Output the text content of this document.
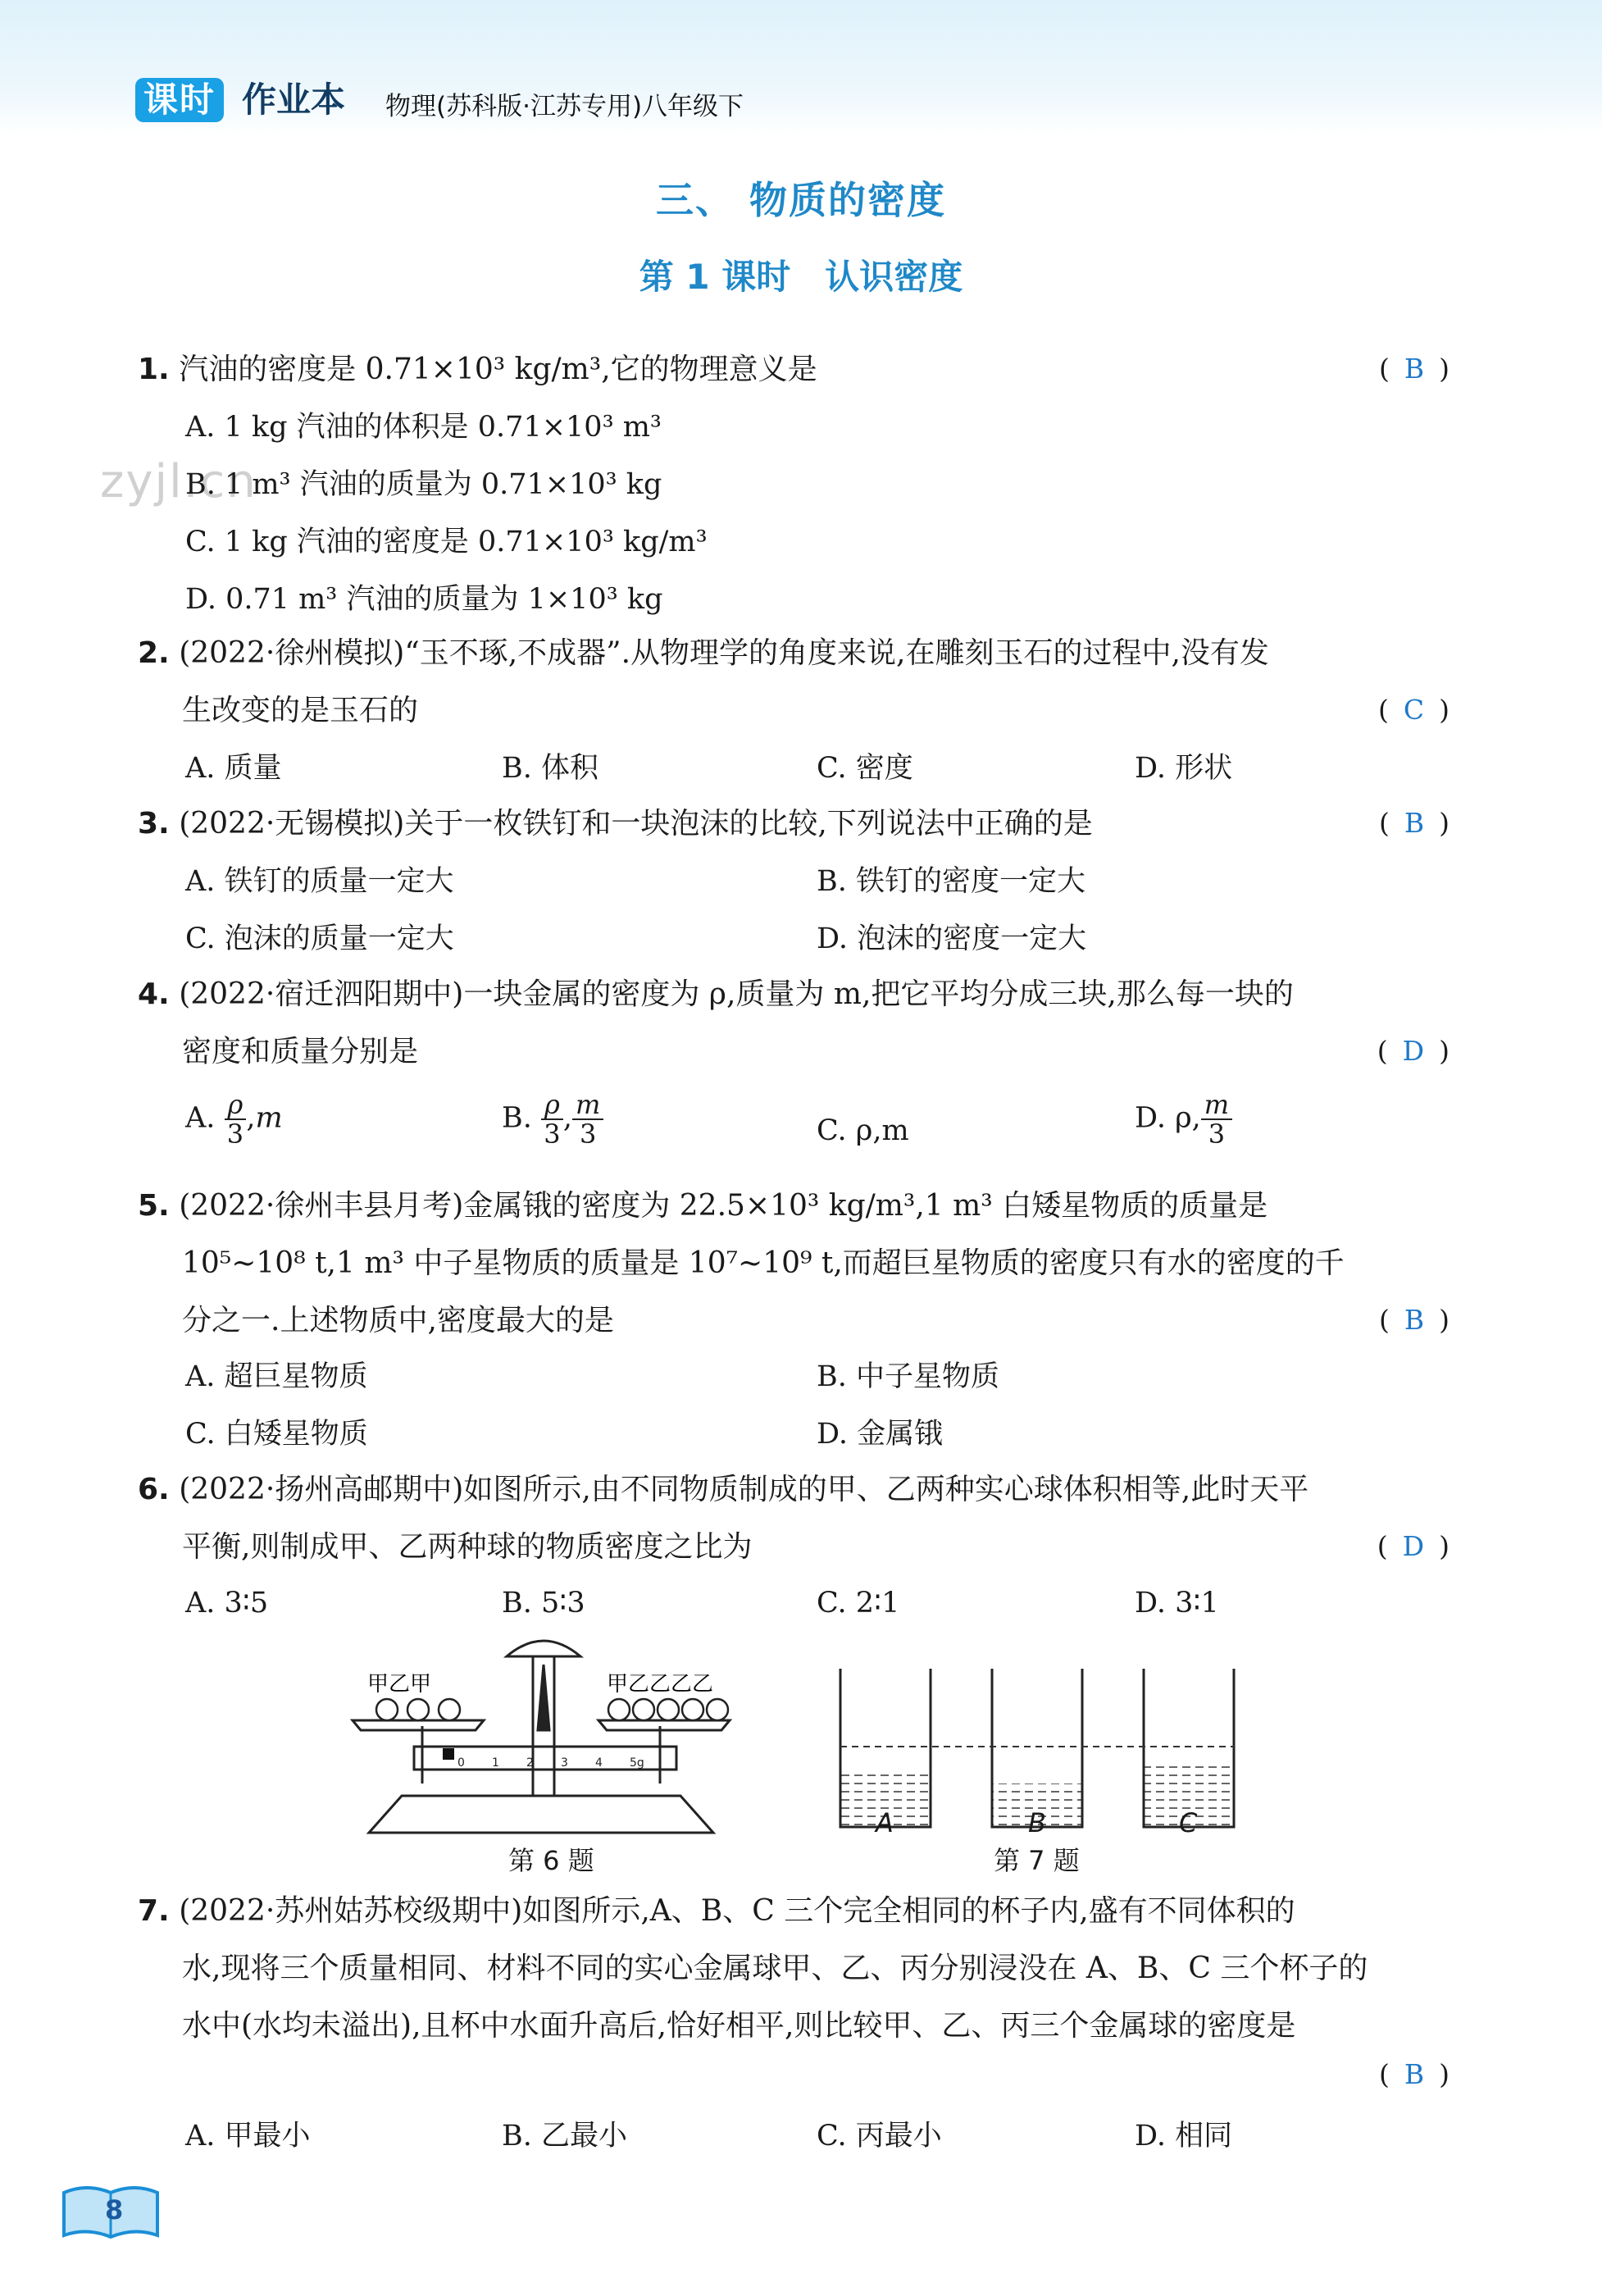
课时 作业本 物理(苏科版·江苏专用)八年级下
三、 物质的密度
第 1 课时　认识密度
zyjl.cn
1. 汽油的密度是 0.71×10³ kg/m³,它的物理意义是	( B )
A. 1 kg 汽油的体积是 0.71×10³ m³
B. 1 m³ 汽油的质量为 0.71×10³ kg
C. 1 kg 汽油的密度是 0.71×10³ kg/m³
D. 0.71 m³ 汽油的质量为 1×10³ kg
2. (2022·徐州模拟)“玉不琢,不成器”.从物理学的角度来说,在雕刻玉石的过程中,没有发
生改变的是玉石的	( C )
A. 质量	B. 体积	C. 密度	D. 形状
3. (2022·无锡模拟)关于一枚铁钉和一块泡沫的比较,下列说法中正确的是	( B )
A. 铁钉的质量一定大	B. 铁钉的密度一定大
C. 泡沫的质量一定大	D. 泡沫的密度一定大
4. (2022·宿迁泗阳期中)一块金属的密度为 ρ,质量为 m,把它平均分成三块,那么每一块的
密度和质量分别是	( D )
A. $\frac{\rho}{3} ,m$	B. $\frac{\rho}{3}$ , $\frac{m}{3}$	C. ρ,m	D. ρ, $\frac{m}{3}$
5. (2022·徐州丰县月考)金属锇的密度为 22.5×10³ kg/m³,1 m³ 白矮星物质的质量是
10⁵~10⁸ t,1 m³ 中子星物质的质量是 10⁷~10⁹ t,而超巨星物质的密度只有水的密度的千
分之一.上述物质中,密度最大的是	( B )
A. 超巨星物质	B. 中子星物质
C. 白矮星物质	D. 金属锇
6. (2022·扬州高邮期中)如图所示,由不同物质制成的甲、乙两种实心球体积相等,此时天平
平衡,则制成甲、乙两种球的物质密度之比为	( D )
A. 3∶5	B. 5∶3	C. 2∶1	D. 3∶1
甲乙甲	甲乙乙乙乙
0 1 2 3 4 5g
第 6 题
A	B	C
第 7 题
7. (2022·苏州姑苏校级期中)如图所示,A、B、C 三个完全相同的杯子内,盛有不同体积的
水,现将三个质量相同、材料不同的实心金属球甲、乙、丙分别浸没在 A、B、C 三个杯子的
水中(水均未溢出),且杯中水面升高后,恰好相平,则比较甲、乙、丙三个金属球的密度是
( B )
A. 甲最小	B. 乙最小	C. 丙最小	D. 相同
8
